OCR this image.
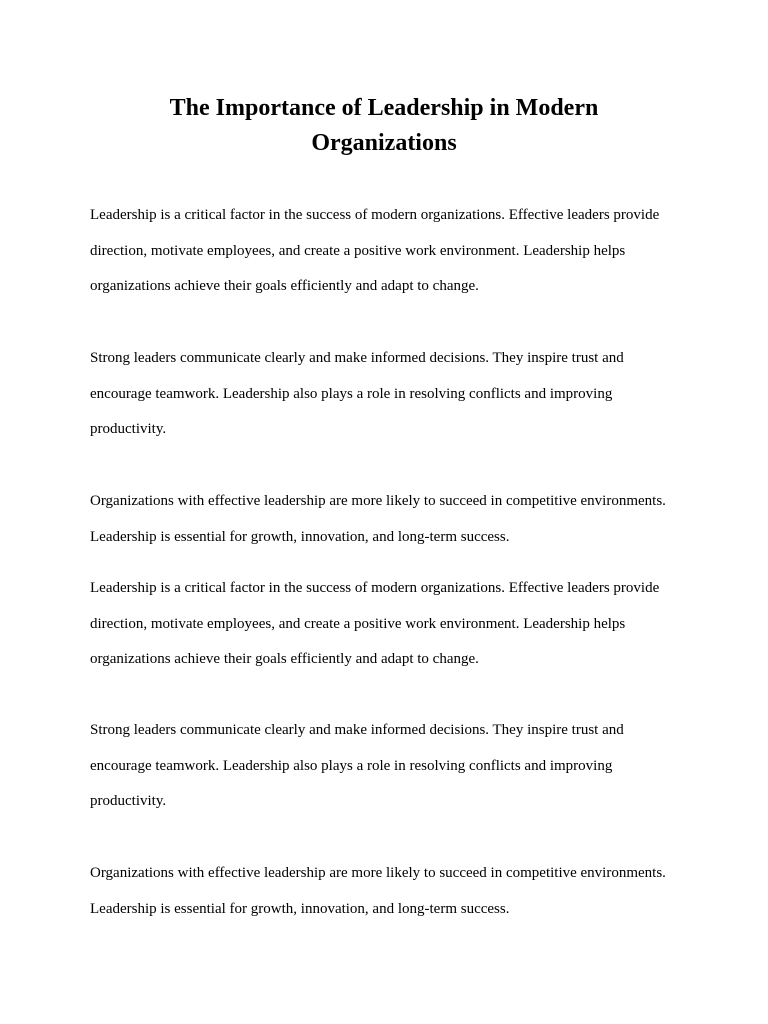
The Importance of Leadership in Modern
Organizations

Leadership is a critical factor in the success of modern organizations. Effective leaders provide
direction, motivate employees, and create a positive work environment. Leadership helps
organizations achieve their goals efficiently and adapt to change.

Strong leaders communicate clearly and make informed decisions. They inspire trust and
encourage teamwork. Leadership also plays a role in resolving conflicts and improving
productivity.

Organizations with effective leadership are more likely to succeed in competitive environments.
Leadership is essential for growth, innovation, and long-term success.

Leadership is a critical factor in the success of modern organizations. Effective leaders provide
direction, motivate employees, and create a positive work environment. Leadership helps
organizations achieve their goals efficiently and adapt to change.

Strong leaders communicate clearly and make informed decisions. They inspire trust and
encourage teamwork. Leadership also plays a role in resolving conflicts and improving
productivity.

Organizations with effective leadership are more likely to succeed in competitive environments.
Leadership is essential for growth, innovation, and long-term success.
